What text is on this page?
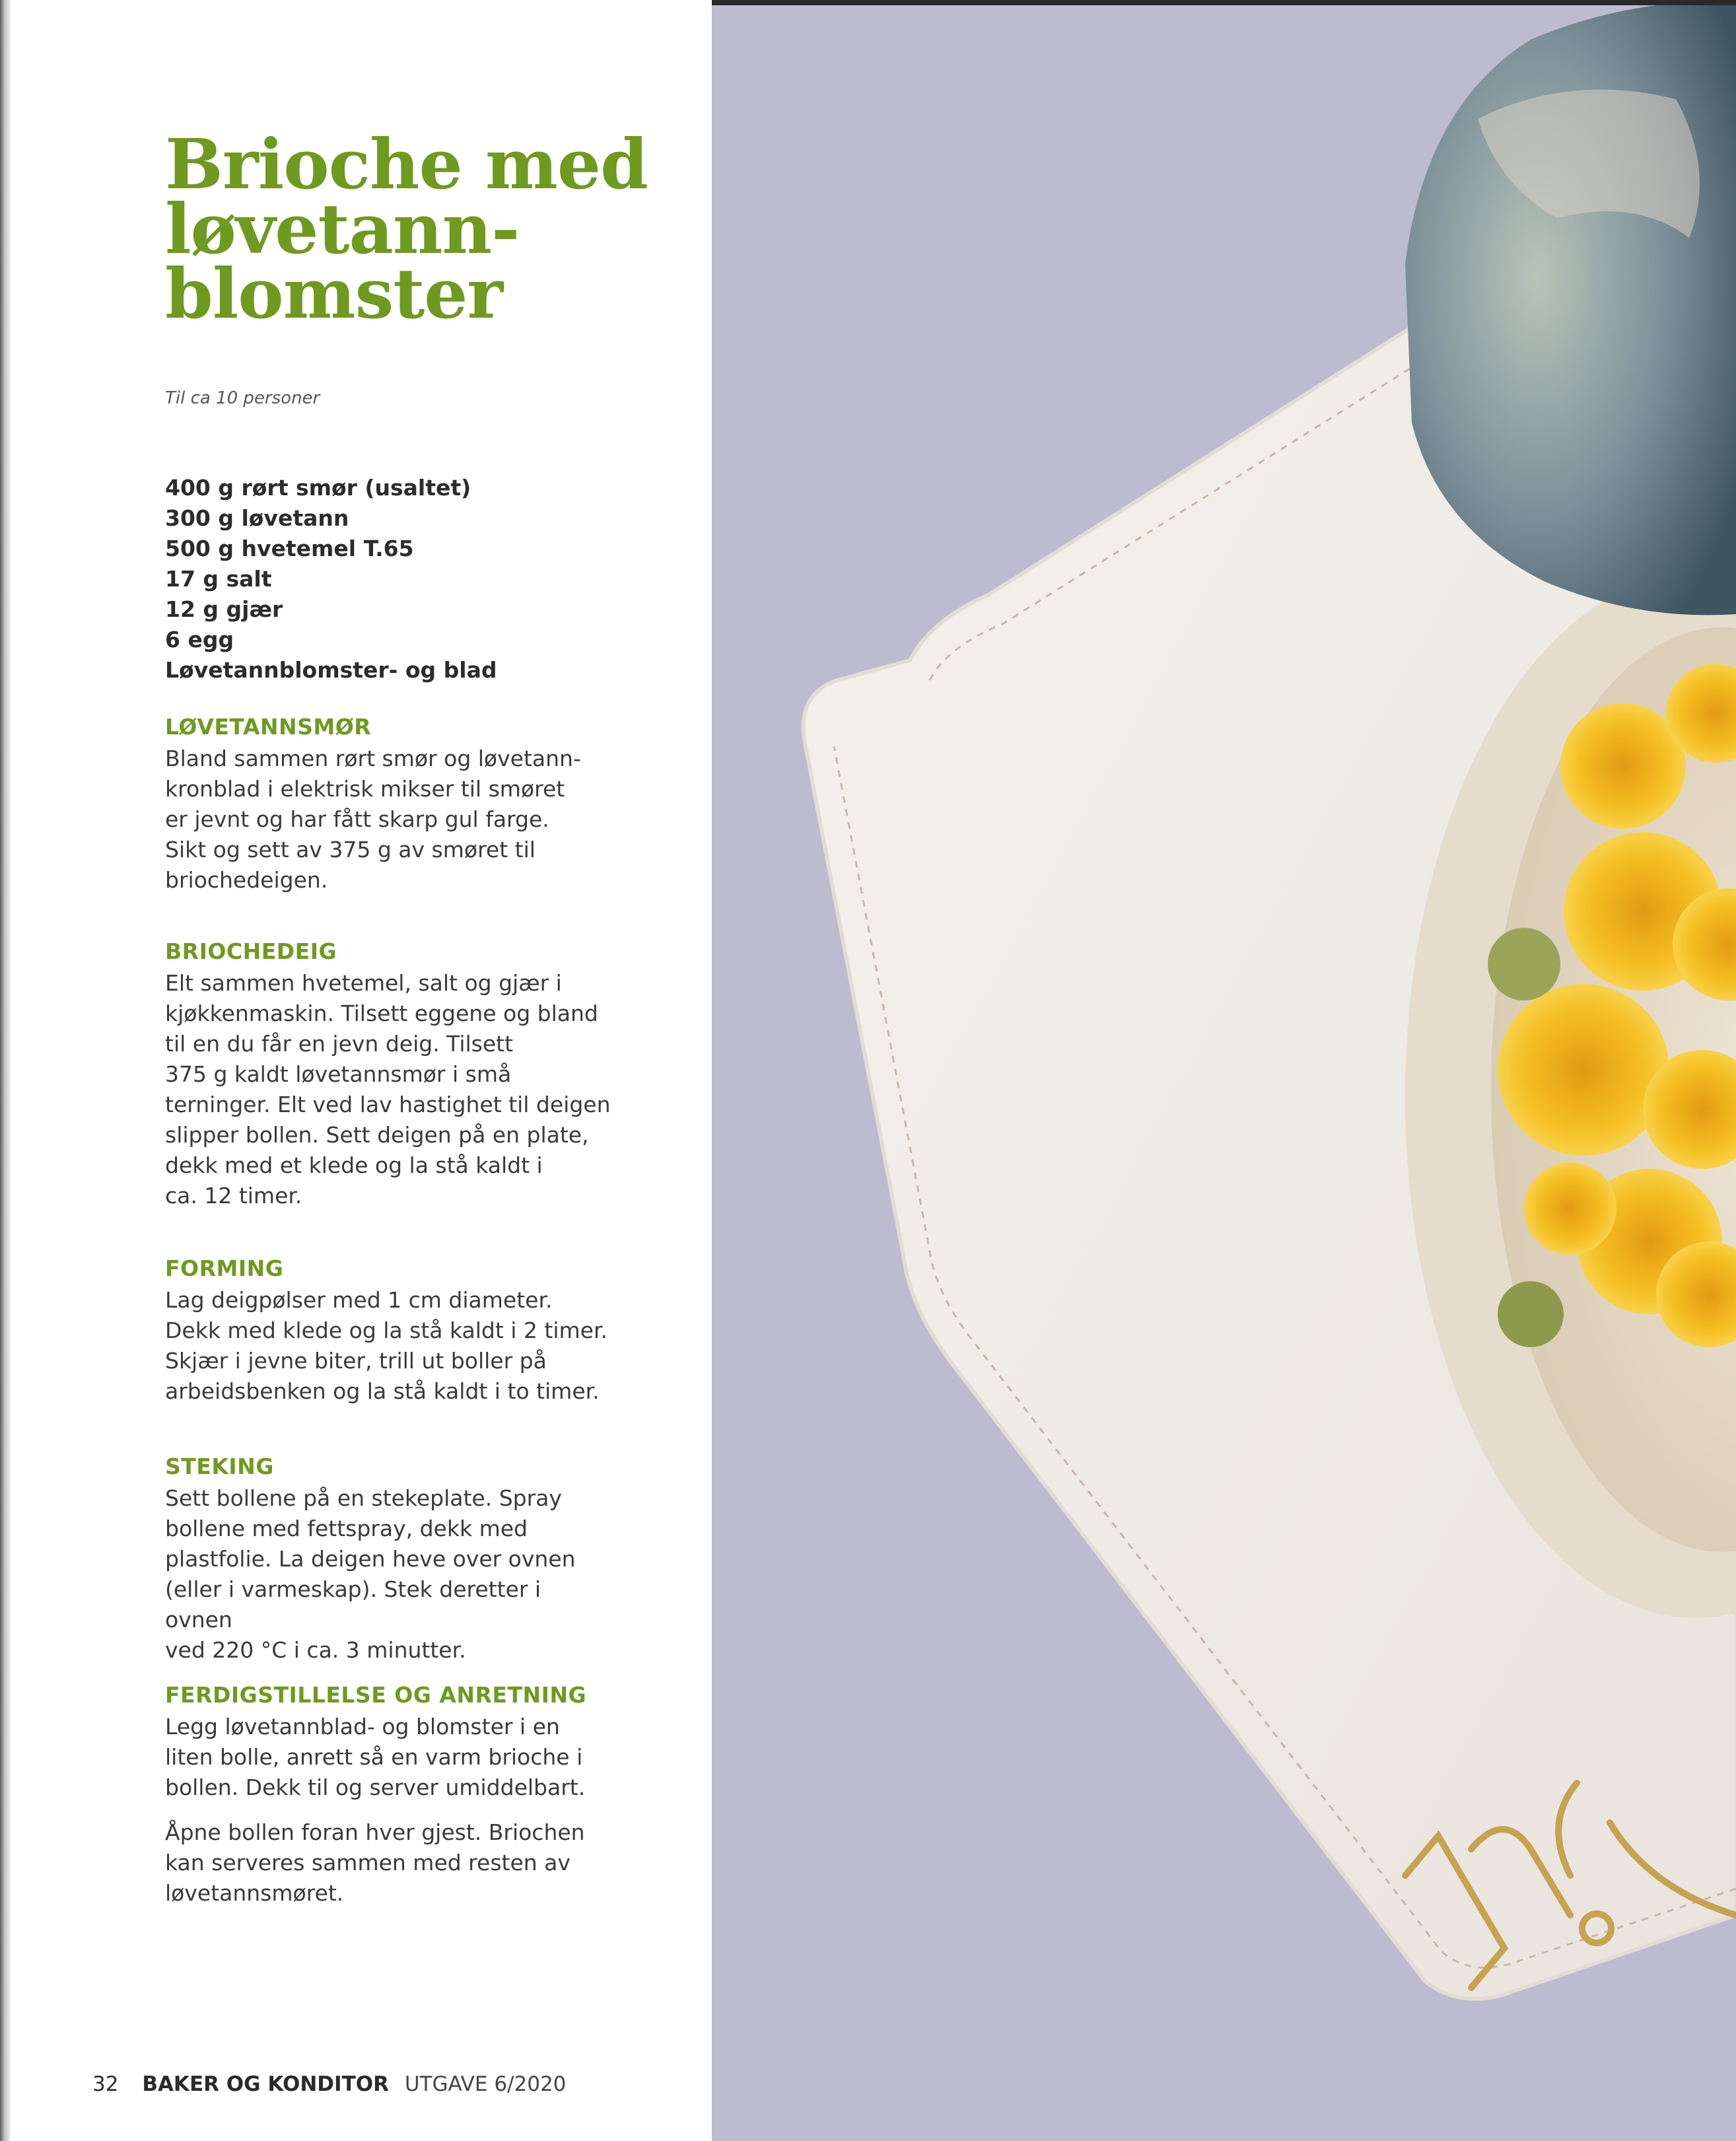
Brioche med
løvetann-
blomster
Til ca 10 personer
400 g rørt smør (usaltet)
300 g løvetann
500 g hvetemel T.65
17 g salt
12 g gjær
6 egg
Løvetannblomster- og blad
LØVETANNSMØR

Bland sammen rørt smør og løvetann-
kronblad i elektrisk mikser til smøret
er jevnt og har fått skarp gul farge.
Sikt og sett av 375 g av smøret til
briochedeigen.

BRIOCHEDEIG

Elt sammen hvetemel, salt og gjær i
kjøkkenmaskin. Tilsett eggene og bland
til en du får en jevn deig. Tilsett
375 g kaldt løvetannsmør i små
terninger. Elt ved lav hastighet til deigen
slipper bollen. Sett deigen på en plate,
dekk med et klede og la stå kaldt i
ca. 12 timer.

FORMING

Lag deigpølser med 1 cm diameter.
Dekk med klede og la stå kaldt i 2 timer.
Skjær i jevne biter, trill ut boller på
arbeidsbenken og la stå kaldt i to timer.

STEKING

Sett bollene på en stekeplate. Spray
bollene med fettspray, dekk med
plastfolie. La deigen heve over ovnen
(eller i varmeskap). Stek deretter i ovnen
ved 220 °C i ca. 3 minutter.

FERDIGSTILLELSE OG ANRETNING

Legg løvetannblad- og blomster i en
liten bolle, anrett så en varm brioche i
bollen. Dekk til og server umiddelbart.

Åpne bollen foran hver gjest. Briochen
kan serveres sammen med resten av
løvetannsmøret.

32 BAKER OG KONDITOR UTGAVE 6/2020
